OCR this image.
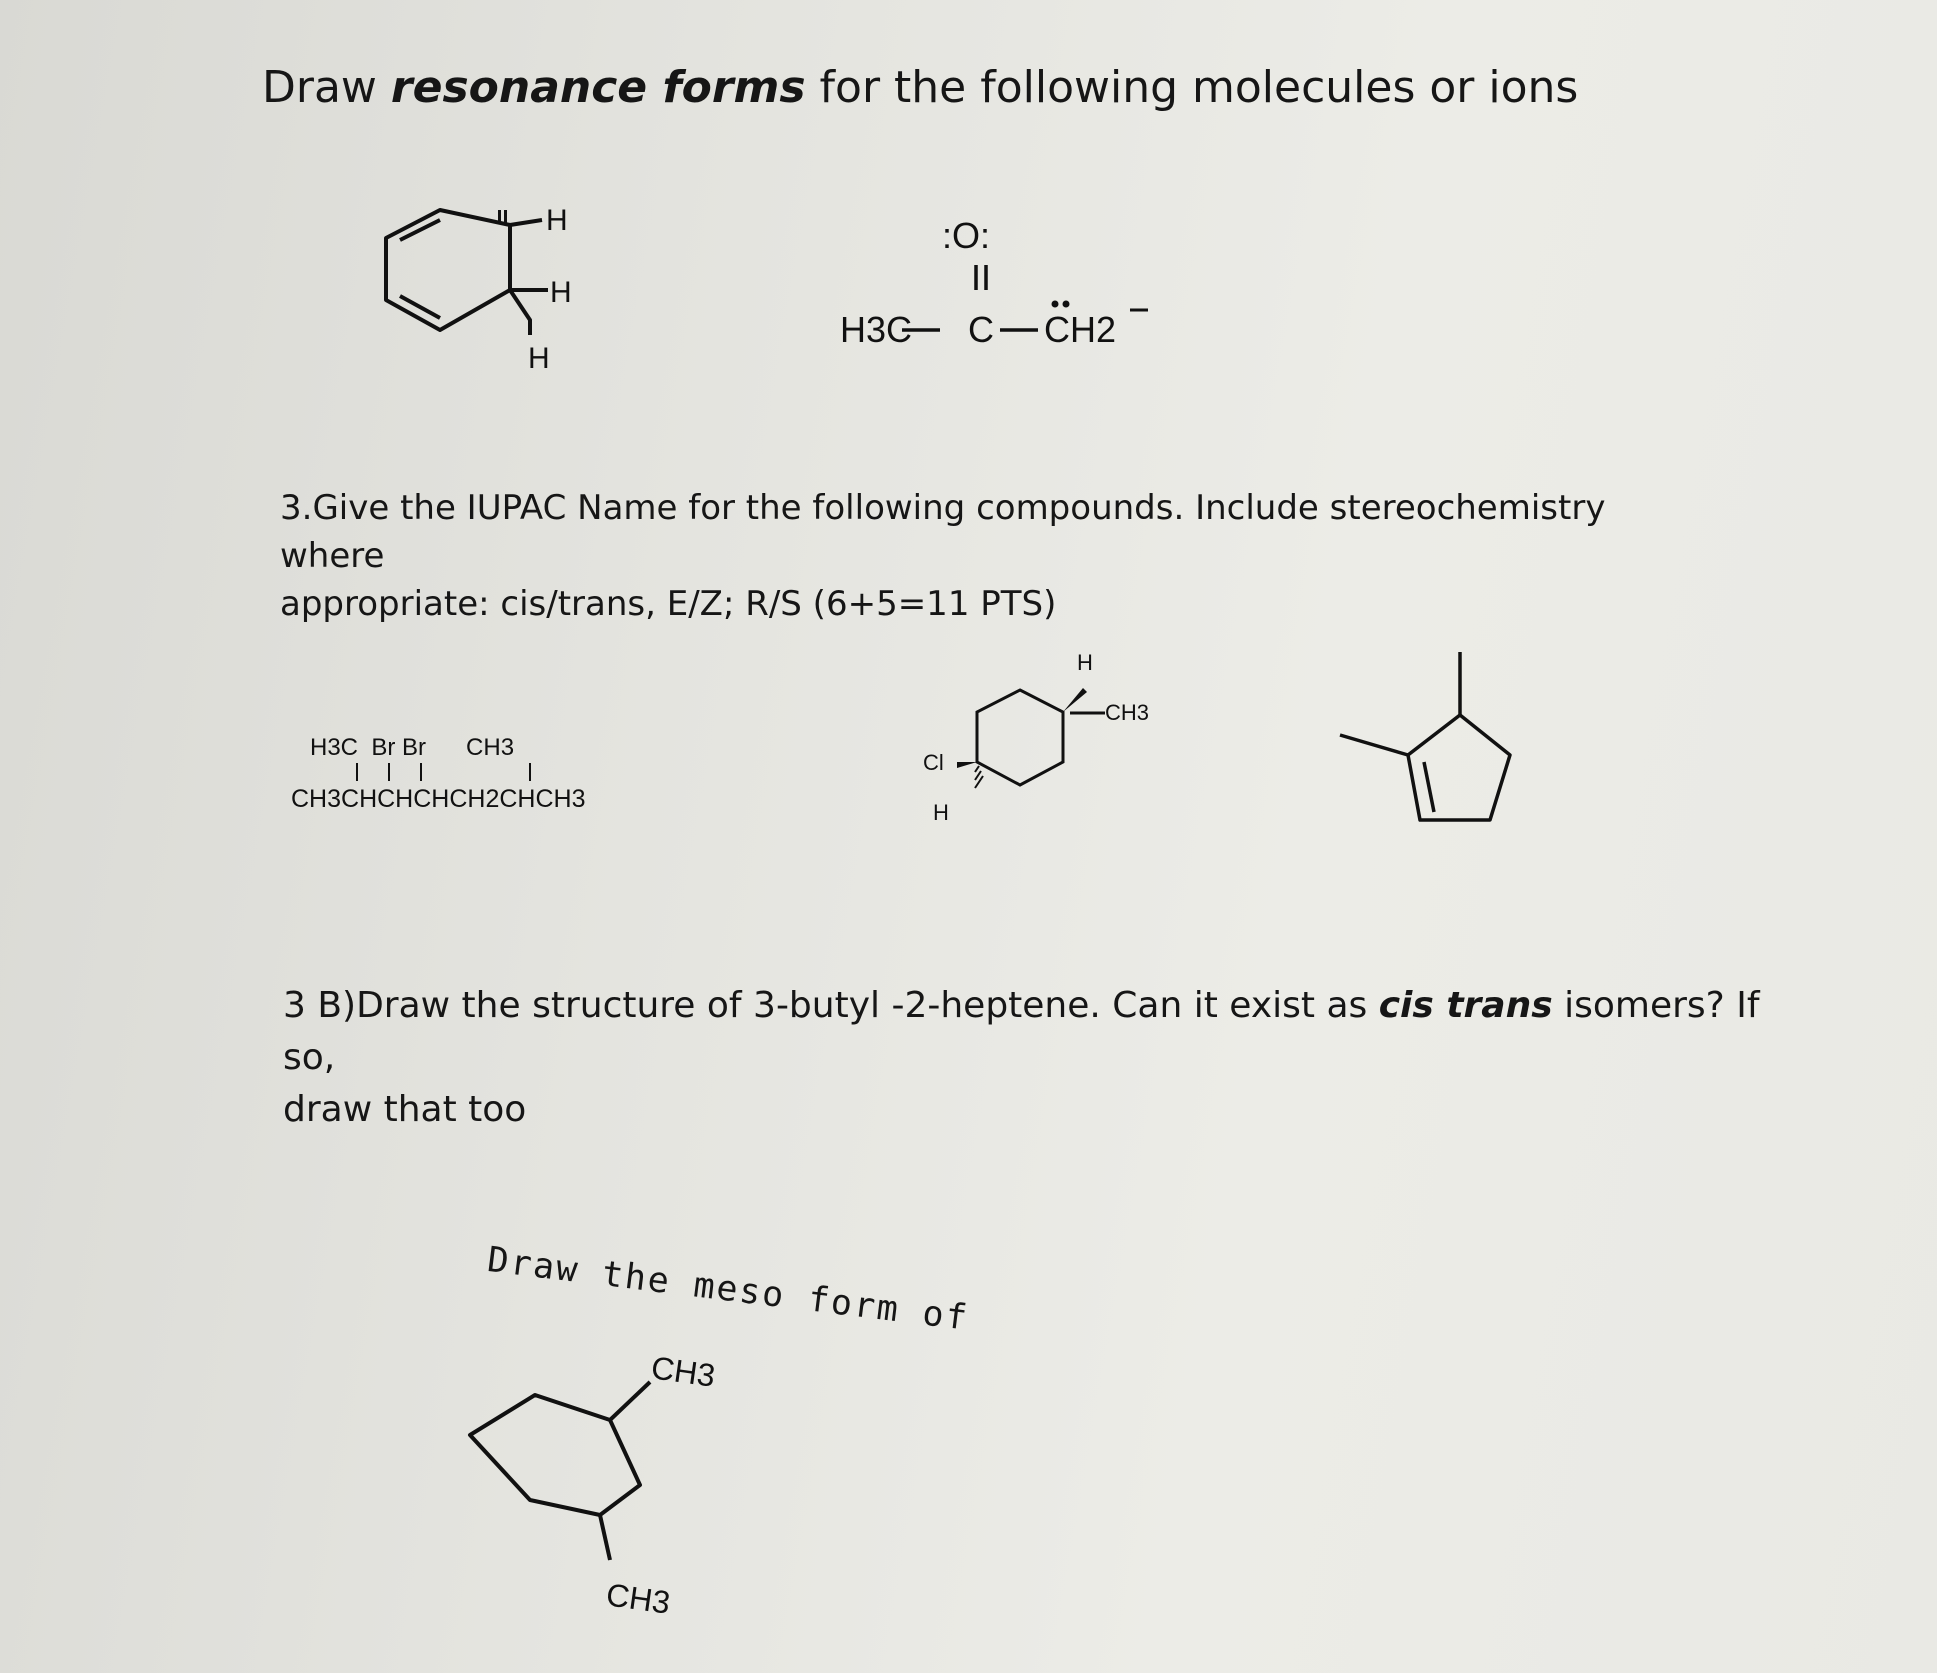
Draw resonance forms for the following molecules or ions
H
H
H
:O:
H3C C CH2
3.Give the IUPAC Name for the following compounds. Include stereochemistry where
appropriate: cis/trans, E/Z; R/S (6+5=11 PTS)
H3C  Br Br      CH3
CH3CHCHCHCH2CHCH3
H
CH3
Cl
H
3 B)Draw the structure of 3-butyl -2-heptene. Can it exist as cis trans isomers? If so,
draw that too
Draw the meso form of
CH3
CH3
